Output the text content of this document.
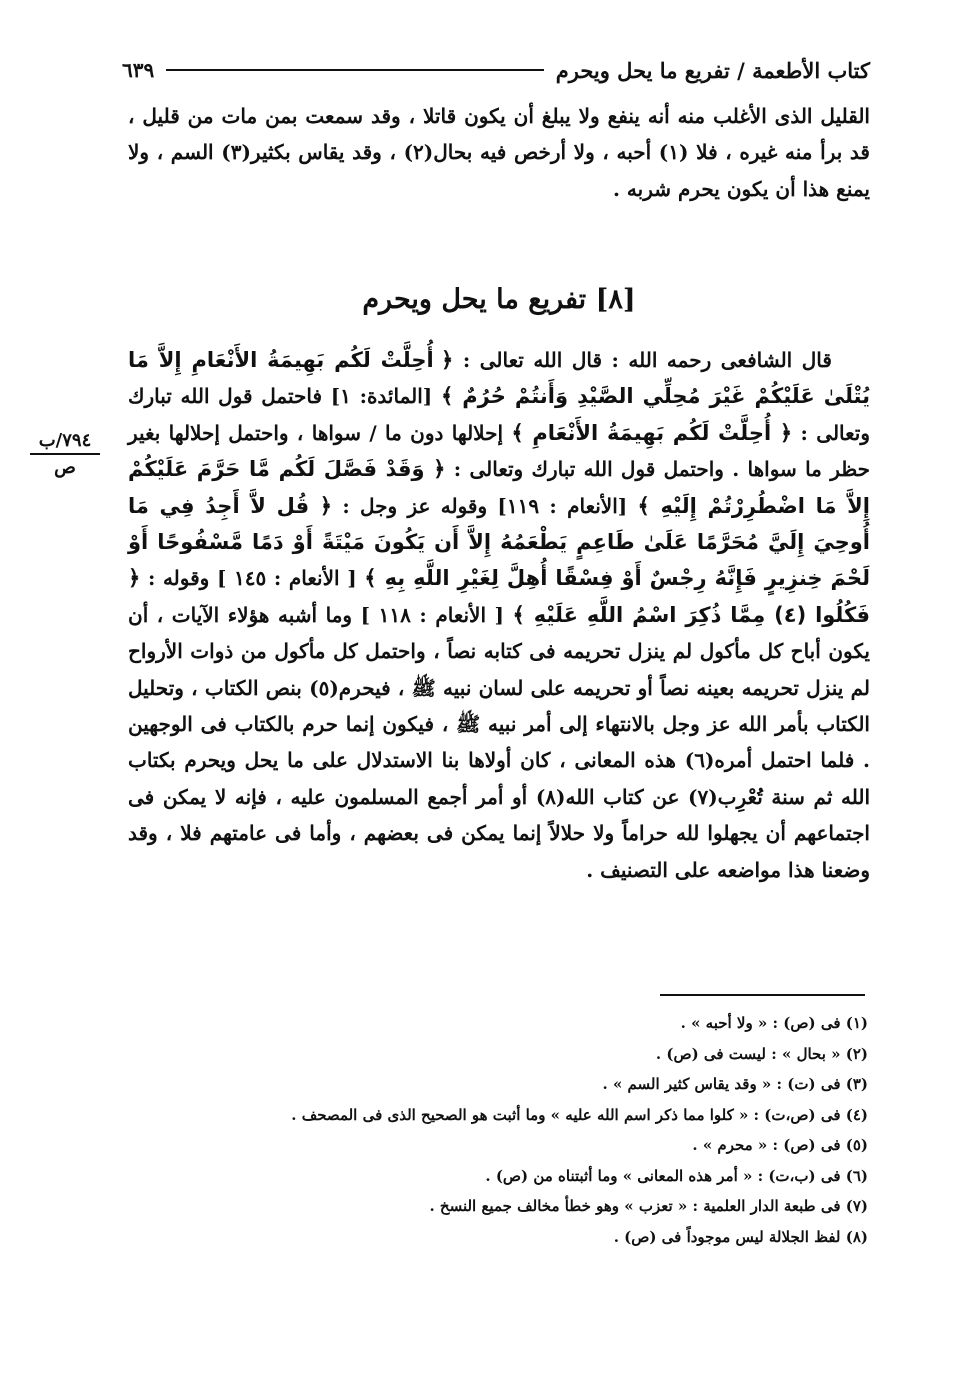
كتاب الأطعمة / تفريع ما يحل ويحرم
٦٣٩
القليل الذى الأغلب منه أنه ينفع ولا يبلغ أن يكون قاتلا ، وقد سمعت بمن مات من قليل ، قد برأ منه غيره ، فلا (١) أحبه ، ولا أرخص فيه بحال(٢) ، وقد يقاس بكثير(٣) السم ، ولا يمنع هذا أن يكون يحرم شربه .
[٨] تفريع ما يحل ويحرم
قال الشافعى رحمه الله : قال الله تعالى : ﴿ أُحِلَّتْ لَكُم بَهِيمَةُ الأَنْعَامِ إِلاَّ مَا يُتْلَىٰ عَلَيْكُمْ غَيْرَ مُحِلِّي الصَّيْدِ وَأَنتُمْ حُرُمٌ ﴾ [المائدة: ١] فاحتمل قول الله تبارك وتعالى : ﴿ أُحِلَّتْ لَكُم بَهِيمَةُ الأَنْعَامِ ﴾ إحلالها دون ما / سواها ، واحتمل إحلالها بغير حظر ما سواها . واحتمل قول الله تبارك وتعالى : ﴿ وَقَدْ فَصَّلَ لَكُم مَّا حَرَّمَ عَلَيْكُمْ إِلاَّ مَا اضْطُرِرْتُمْ إِلَيْهِ ﴾ [الأنعام : ١١٩] وقوله عز وجل : ﴿ قُل لاَّ أَجِدُ فِي مَا أُوحِيَ إِلَيَّ مُحَرَّمًا عَلَىٰ طَاعِمٍ يَطْعَمُهُ إِلاَّ أَن يَكُونَ مَيْتَةً أَوْ دَمًا مَّسْفُوحًا أَوْ لَحْمَ خِنزِيرٍ فَإِنَّهُ رِجْسٌ أَوْ فِسْقًا أُهِلَّ لِغَيْرِ اللَّهِ بِهِ ﴾ [ الأنعام : ١٤٥ ] وقوله : ﴿ فَكُلُوا (٤) مِمَّا ذُكِرَ اسْمُ اللَّهِ عَلَيْهِ ﴾ [ الأنعام : ١١٨ ] وما أشبه هؤلاء الآيات ، أن يكون أباح كل مأكول لم ينزل تحريمه فى كتابه نصاً ، واحتمل كل مأكول من ذوات الأرواح لم ينزل تحريمه بعينه نصاً أو تحريمه على لسان نبيه ﷺ ، فيحرم(٥) بنص الكتاب ، وتحليل الكتاب بأمر الله عز وجل بالانتهاء إلى أمر نبيه ﷺ ، فيكون إنما حرم بالكتاب فى الوجهين . فلما احتمل أمره(٦) هذه المعانى ، كان أولاها بنا الاستدلال على ما يحل ويحرم بكتاب الله ثم سنة تُعْرِب(٧) عن كتاب الله(٨) أو أمر أجمع المسلمون عليه ، فإنه لا يمكن فى اجتماعهم أن يجهلوا لله حراماً ولا حلالاً إنما يمكن فى بعضهم ، وأما فى عامتهم فلا ، وقد وضعنا هذا مواضعه على التصنيف .
٧٩٤/ب
ص
(١) فى (ص) : « ولا أحبه » .
(٢) « بحال » : ليست فى (ص) .
(٣) فى (ت) : « وقد يقاس كثير السم » .
(٤) فى (ص،ت) : « كلوا مما ذكر اسم الله عليه » وما أثبت هو الصحيح الذى فى المصحف .
(٥) فى (ص) : « محرم » .
(٦) فى (ب،ت) : « أمر هذه المعانى » وما أثبتناه من (ص) .
(٧) فى طبعة الدار العلمية : « تعزب » وهو خطأ مخالف جميع النسخ .
(٨) لفظ الجلالة ليس موجوداً فى (ص) .
